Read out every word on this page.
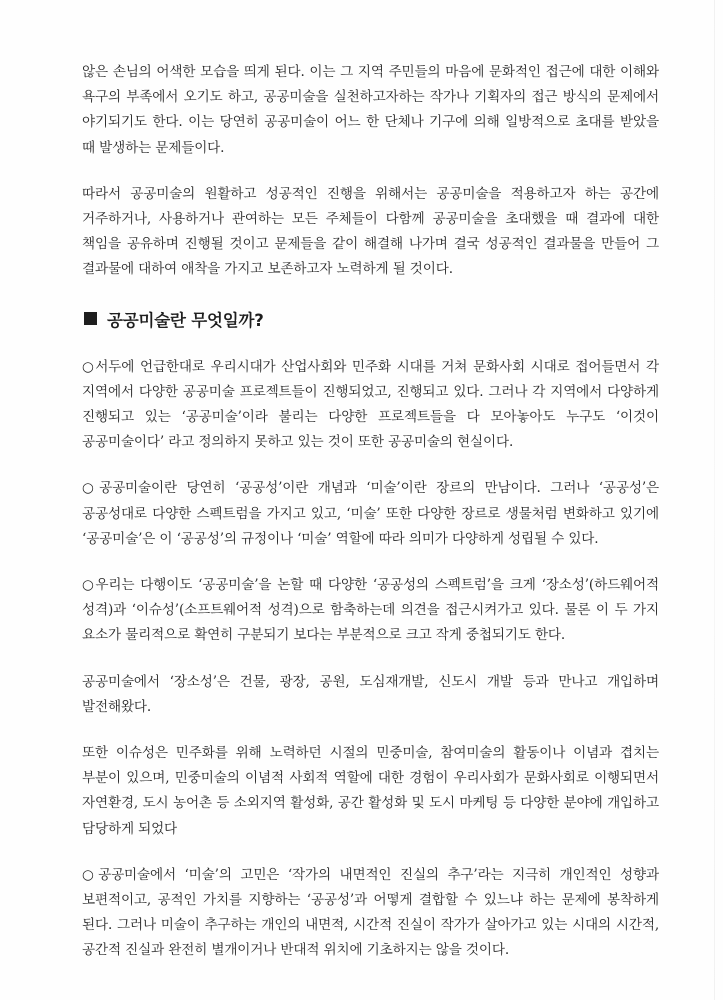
않은 손님의 어색한 모습을 띄게 된다. 이는 그 지역 주민들의 마음에 문화적인 접근에 대한 이해와 욕구의 부족에서 오기도 하고, 공공미술을 실천하고자하는 작가나 기획자의 접근 방식의 문제에서 야기되기도 한다. 이는 당연히 공공미술이 어느 한 단체나 기구에 의해 일방적으로 초대를 받았을 때 발생하는 문제들이다.

따라서 공공미술의 원활하고 성공적인 진행을 위해서는 공공미술을 적용하고자 하는 공간에 거주하거나, 사용하거나 관여하는 모든 주체들이 다함께 공공미술을 초대했을 때 결과에 대한 책임을 공유하며 진행될 것이고 문제들을 같이 해결해 나가며 결국 성공적인 결과물을 만들어 그 결과물에 대하여 애착을 가지고 보존하고자 노력하게 될 것이다.

공공미술란 무엇일까?

○서두에 언급한대로 우리시대가 산업사회와 민주화 시대를 거쳐 문화사회 시대로 접어들면서 각 지역에서 다양한 공공미술 프로젝트들이 진행되었고, 진행되고 있다. 그러나 각 지역에서 다양하게 진행되고 있는 ‘공공미술’이라 불리는 다양한 프로젝트들을 다 모아놓아도 누구도 ‘이것이 공공미술이다’ 라고 정의하지 못하고 있는 것이 또한 공공미술의 현실이다.

○공공미술이란 당연히 ‘공공성’이란 개념과 ‘미술’이란 장르의 만남이다. 그러나 ‘공공성’은 공공성대로 다양한 스펙트럼을 가지고 있고, ‘미술’ 또한 다양한 장르로 생물처럼 변화하고 있기에 ‘공공미술’은 이 ‘공공성’의 규정이나 ‘미술’ 역할에 따라 의미가 다양하게 성립될 수 있다.

○우리는 다행이도 ‘공공미술’을 논할 때 다양한 ‘공공성의 스펙트럼’을 크게 ‘장소성’(하드웨어적 성격)과 ‘이슈성’(소프트웨어적 성격)으로 함축하는데 의견을 접근시켜가고 있다. 물론 이 두 가지 요소가 물리적으로 확연히 구분되기 보다는 부분적으로 크고 작게 중첩되기도 한다.

공공미술에서 ‘장소성’은 건물, 광장, 공원, 도심재개발, 신도시 개발 등과 만나고 개입하며 발전해왔다.

또한 이슈성은 민주화를 위해 노력하던 시절의 민중미술, 참여미술의 활동이나 이념과 겹치는 부분이 있으며, 민중미술의 이념적 사회적 역할에 대한 경험이 우리사회가 문화사회로 이행되면서 자연환경, 도시 농어촌 등 소외지역 활성화, 공간 활성화 및 도시 마케팅 등 다양한 분야에 개입하고 담당하게 되었다

○공공미술에서 ‘미술’의 고민은 ‘작가의 내면적인 진실의 추구’라는 지극히 개인적인 성향과 보편적이고, 공적인 가치를 지향하는 ‘공공성’과 어떻게 결합할 수 있느냐 하는 문제에 봉착하게 된다. 그러나 미술이 추구하는 개인의 내면적, 시간적 진실이 작가가 살아가고 있는 시대의 시간적, 공간적 진실과 완전히 별개이거나 반대적 위치에 기초하지는 않을 것이다.
